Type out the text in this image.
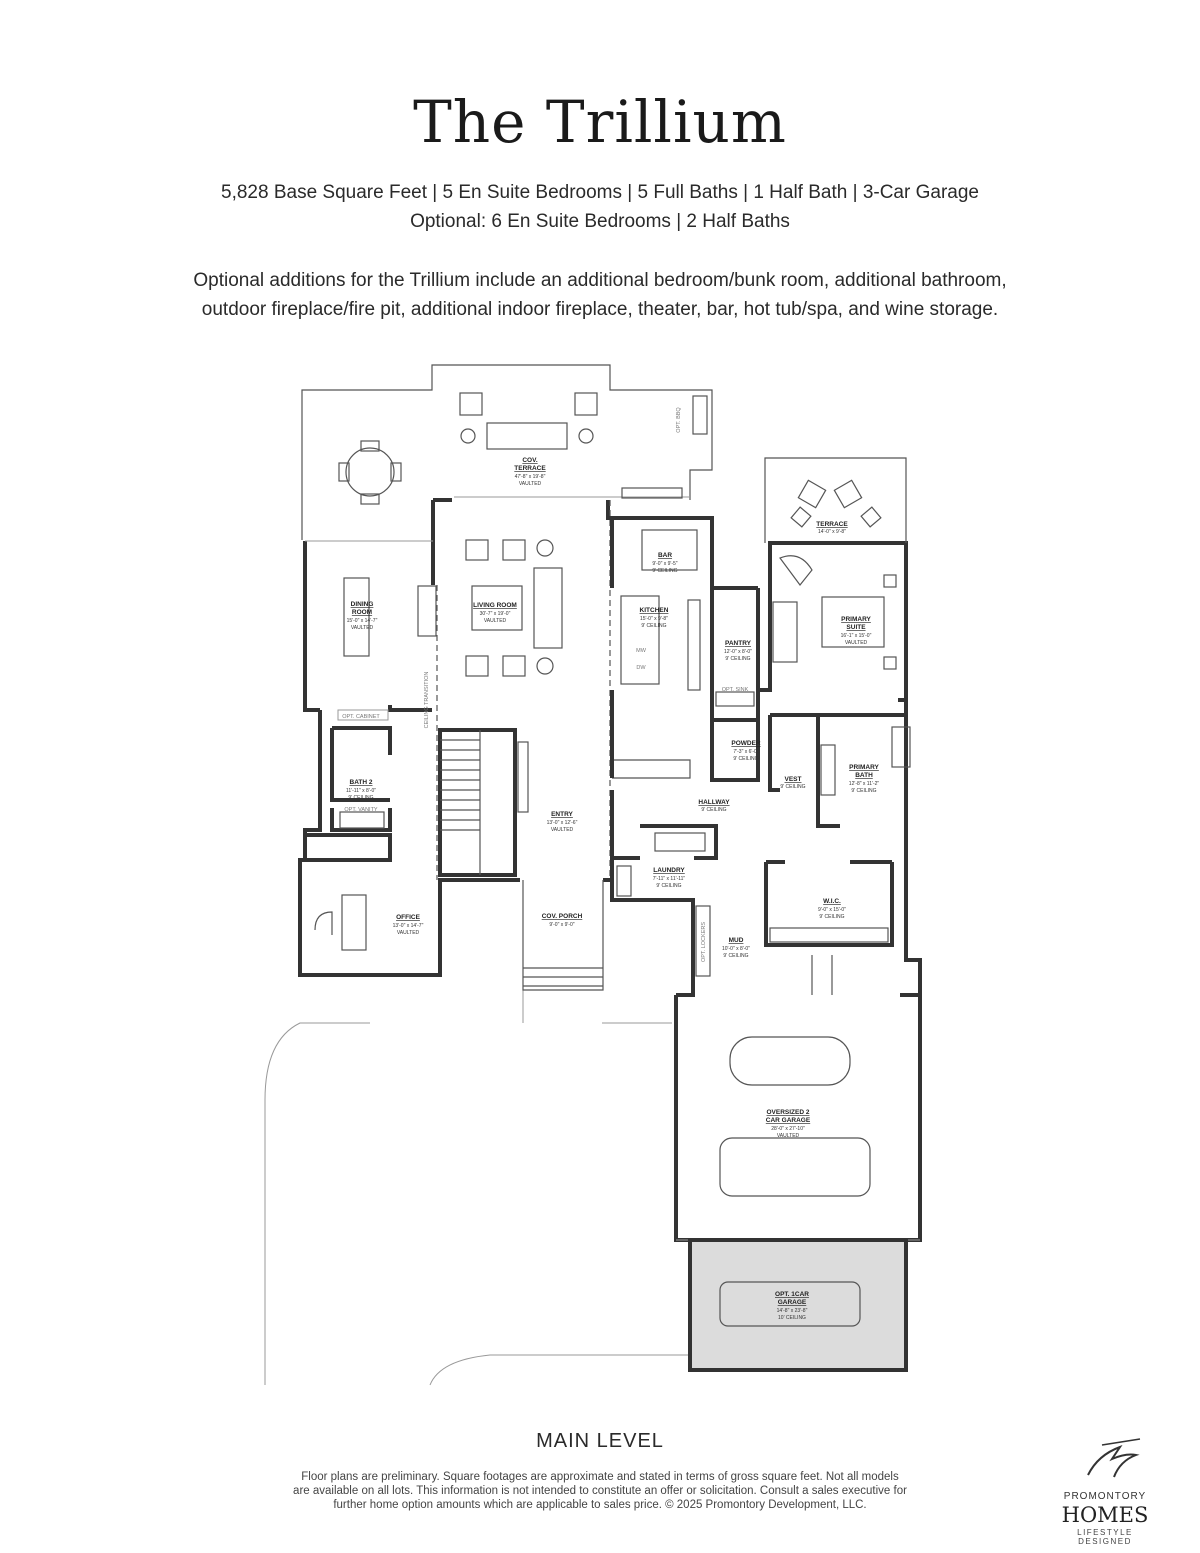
The Trillium
5,828 Base Square Feet | 5 En Suite Bedrooms | 5 Full Baths | 1 Half Bath | 3-Car Garage
Optional: 6 En Suite Bedrooms | 2 Half Baths
Optional additions for the Trillium include an additional bedroom/bunk room, additional bathroom,
outdoor fireplace/fire pit, additional indoor fireplace, theater, bar, hot tub/spa, and wine storage.
COV.
TERRACE
47'-8" x 19'-8"
VAULTED
TERRACE
14'-0" x 9'-8"
BAR
9'-0" x 9'-5"
9' CEILING
DINING
ROOM
15'-0" x 14'-7"
VAULTED
LIVING ROOM
30'-7" x 19'-0"
VAULTED
KITCHEN
15'-0" x 9'-8"
9' CEILING
PANTRY
12'-0" x 8'-0"
9' CEILING
PRIMARY
SUITE
16'-1" x 15'-0"
VAULTED
BATH 2
11'-11" x 8'-0"
9' CEILING
POWDER
7'-3" x 6'-0"
9' CEILING
VEST
9' CEILING
PRIMARY
BATH
12'-8" x 11'-2"
9' CEILING
ENTRY
13'-0" x 12'-6"
VAULTED
HALLWAY
9' CEILING
LAUNDRY
7'-11" x 11'-11"
9' CEILING
W.I.C.
9'-0" x 15'-0"
9' CEILING
OFFICE
13'-0" x 14'-7"
VAULTED
COV. PORCH
9'-0" x 9'-0"
MUD
10'-0" x 8'-0"
9' CEILING
OVERSIZED 2
CAR GARAGE
28'-0" x 27'-10"
VAULTED
OPT. 1CAR
GARAGE
14'-8" x 23'-8"
10' CEILING
OPT. BBQ
OPT. CABINET
OPT. VANITY
OPT. SINK
CEILING TRANSITION
MW
DW
OPT. LOCKERS
MAIN LEVEL
Floor plans are preliminary. Square footages are approximate and stated in terms of gross square feet. Not all models
are available on all lots. This information is not intended to constitute an offer or solicitation. Consult a sales executive for
further home option amounts which are applicable to sales price. © 2025 Promontory Development, LLC.
PROMONTORY
HOMES
LIFESTYLE DESIGNED
